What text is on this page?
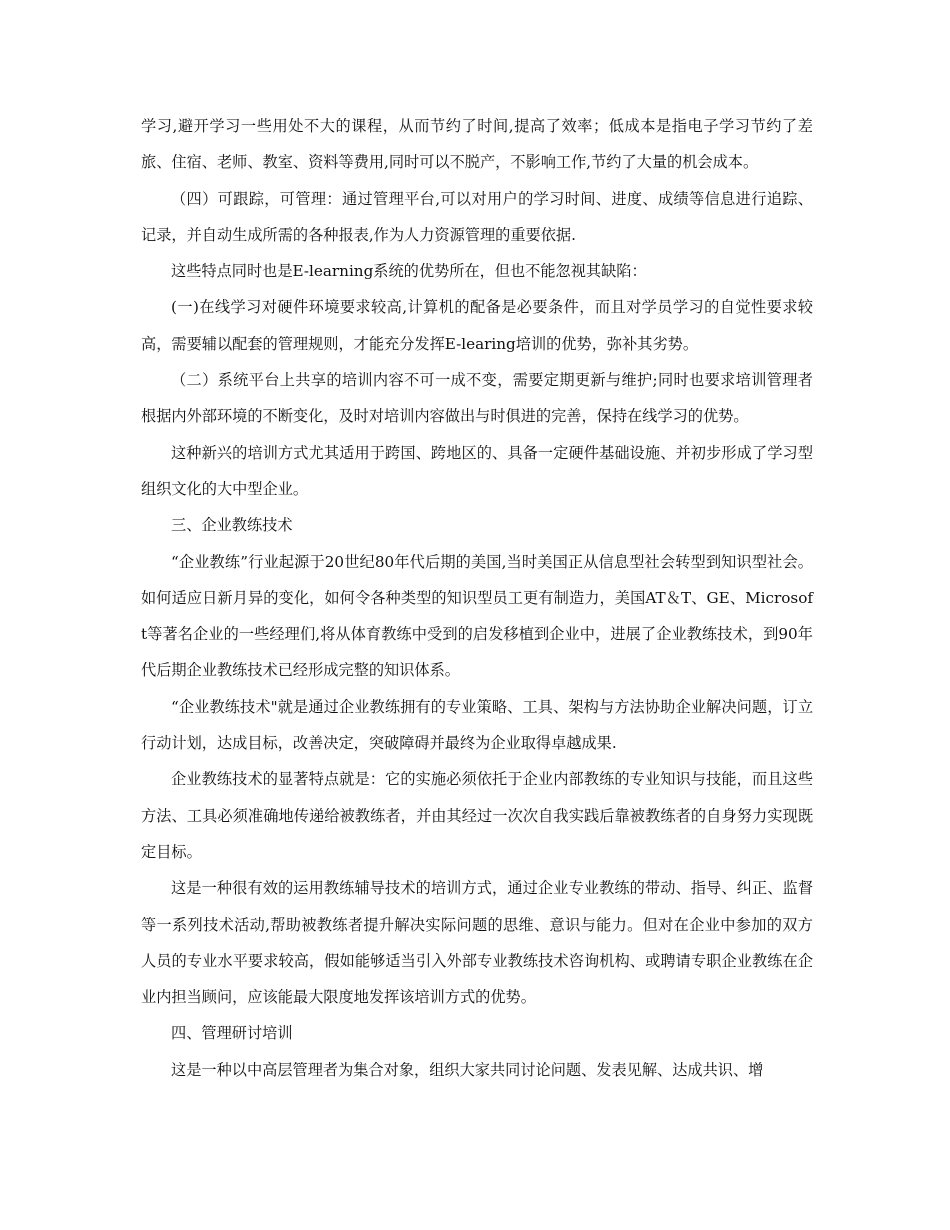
学习,避开学习一些用处不大的课程，从而节约了时间,提高了效率；低成本是指电子学习节约了差旅、住宿、老师、教室、资料等费用,同时可以不脱产，不影响工作,节约了大量的机会成本。

（四）可跟踪，可管理：通过管理平台,可以对用户的学习时间、进度、成绩等信息进行追踪、记录，并自动生成所需的各种报表,作为人力资源管理的重要依据.

这些特点同时也是E-learning系统的优势所在，但也不能忽视其缺陷：

(一)在线学习对硬件环境要求较高,计算机的配备是必要条件，而且对学员学习的自觉性要求较高，需要辅以配套的管理规则，才能充分发挥E-learing培训的优势，弥补其劣势。

（二）系统平台上共享的培训内容不可一成不变，需要定期更新与维护;同时也要求培训管理者根据内外部环境的不断变化，及时对培训内容做出与时俱进的完善，保持在线学习的优势。

这种新兴的培训方式尤其适用于跨国、跨地区的、具备一定硬件基础设施、并初步形成了学习型组织文化的大中型企业。

三、企业教练技术

“企业教练”行业起源于20世纪80年代后期的美国,当时美国正从信息型社会转型到知识型社会。如何适应日新月异的变化，如何令各种类型的知识型员工更有制造力，美国AT＆T、GE、Microsoft等著名企业的一些经理们,将从体育教练中受到的启发移植到企业中，进展了企业教练技术，到90年代后期企业教练技术已经形成完整的知识体系。

“企业教练技术"就是通过企业教练拥有的专业策略、工具、架构与方法协助企业解决问题，订立行动计划，达成目标，改善决定，突破障碍并最终为企业取得卓越成果.

企业教练技术的显著特点就是：它的实施必须依托于企业内部教练的专业知识与技能，而且这些方法、工具必须准确地传递给被教练者，并由其经过一次次自我实践后靠被教练者的自身努力实现既定目标。

这是一种很有效的运用教练辅导技术的培训方式，通过企业专业教练的带动、指导、纠正、监督等一系列技术活动,帮助被教练者提升解决实际问题的思维、意识与能力。但对在企业中参加的双方人员的专业水平要求较高，假如能够适当引入外部专业教练技术咨询机构、或聘请专职企业教练在企业内担当顾问，应该能最大限度地发挥该培训方式的优势。

四、管理研讨培训

这是一种以中高层管理者为集合对象，组织大家共同讨论问题、发表见解、达成共识、增
